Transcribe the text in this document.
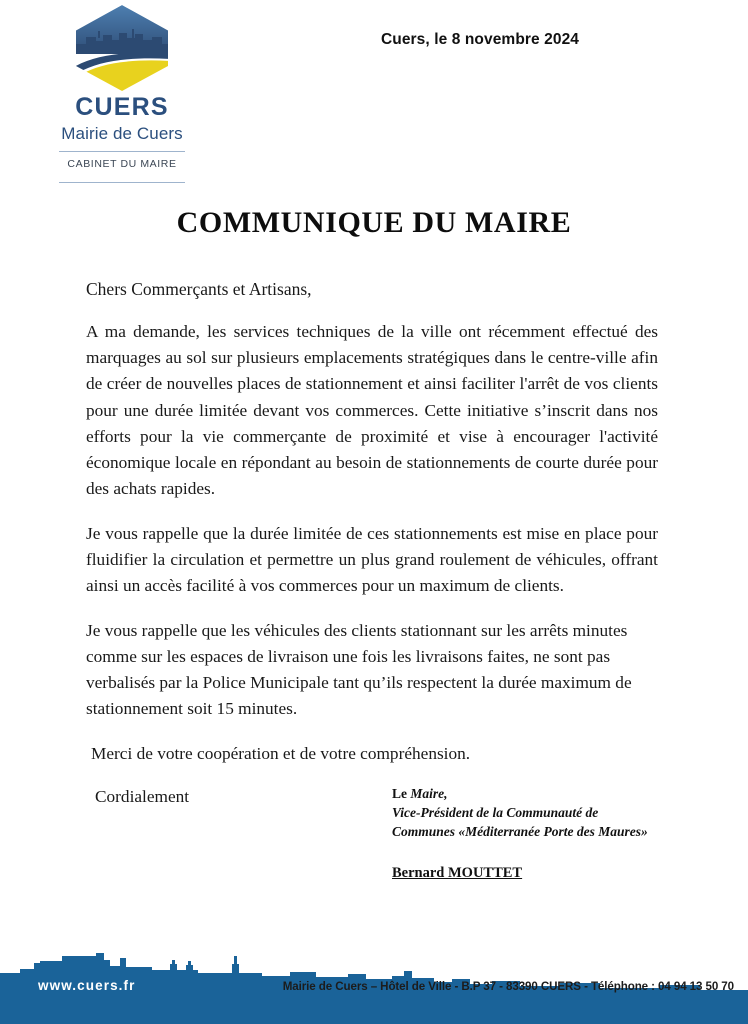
CUERS
Mairie de Cuers
CABINET DU MAIRE
Cuers, le 8 novembre 2024
COMMUNIQUE DU MAIRE
Chers Commerçants et Artisans,

A ma demande, les services techniques de la ville ont récemment effectué des marquages au sol sur plusieurs emplacements stratégiques dans le centre-ville afin de créer de nouvelles places de stationnement et ainsi faciliter l'arrêt de vos clients pour une durée limitée devant vos commerces. Cette initiative s’inscrit dans nos efforts pour la vie commerçante de proximité et vise à encourager l'activité économique locale en répondant au besoin de stationnements de courte durée pour des achats rapides.

Je vous rappelle que la durée limitée de ces stationnements est mise en place pour fluidifier la circulation et permettre un plus grand roulement de véhicules, offrant ainsi un accès facilité à vos commerces pour un maximum de clients.

Je vous rappelle que les véhicules des clients stationnant sur les arrêts minutes comme sur les espaces de livraison une fois les livraisons faites, ne sont pas verbalisés par la Police Municipale tant qu’ils respectent la durée maximum de stationnement soit 15 minutes.

Merci de votre coopération et de votre compréhension.

Cordialement	Le Maire,
Vice-Président de la Communauté de
Communes «Méditerranée Porte des Maures»
Bernard MOUTTET
www.cuers.fr	Mairie de Cuers – Hôtel de Ville - B.P 37 - 83390 CUERS - Téléphone : 04 94 13 50 70
